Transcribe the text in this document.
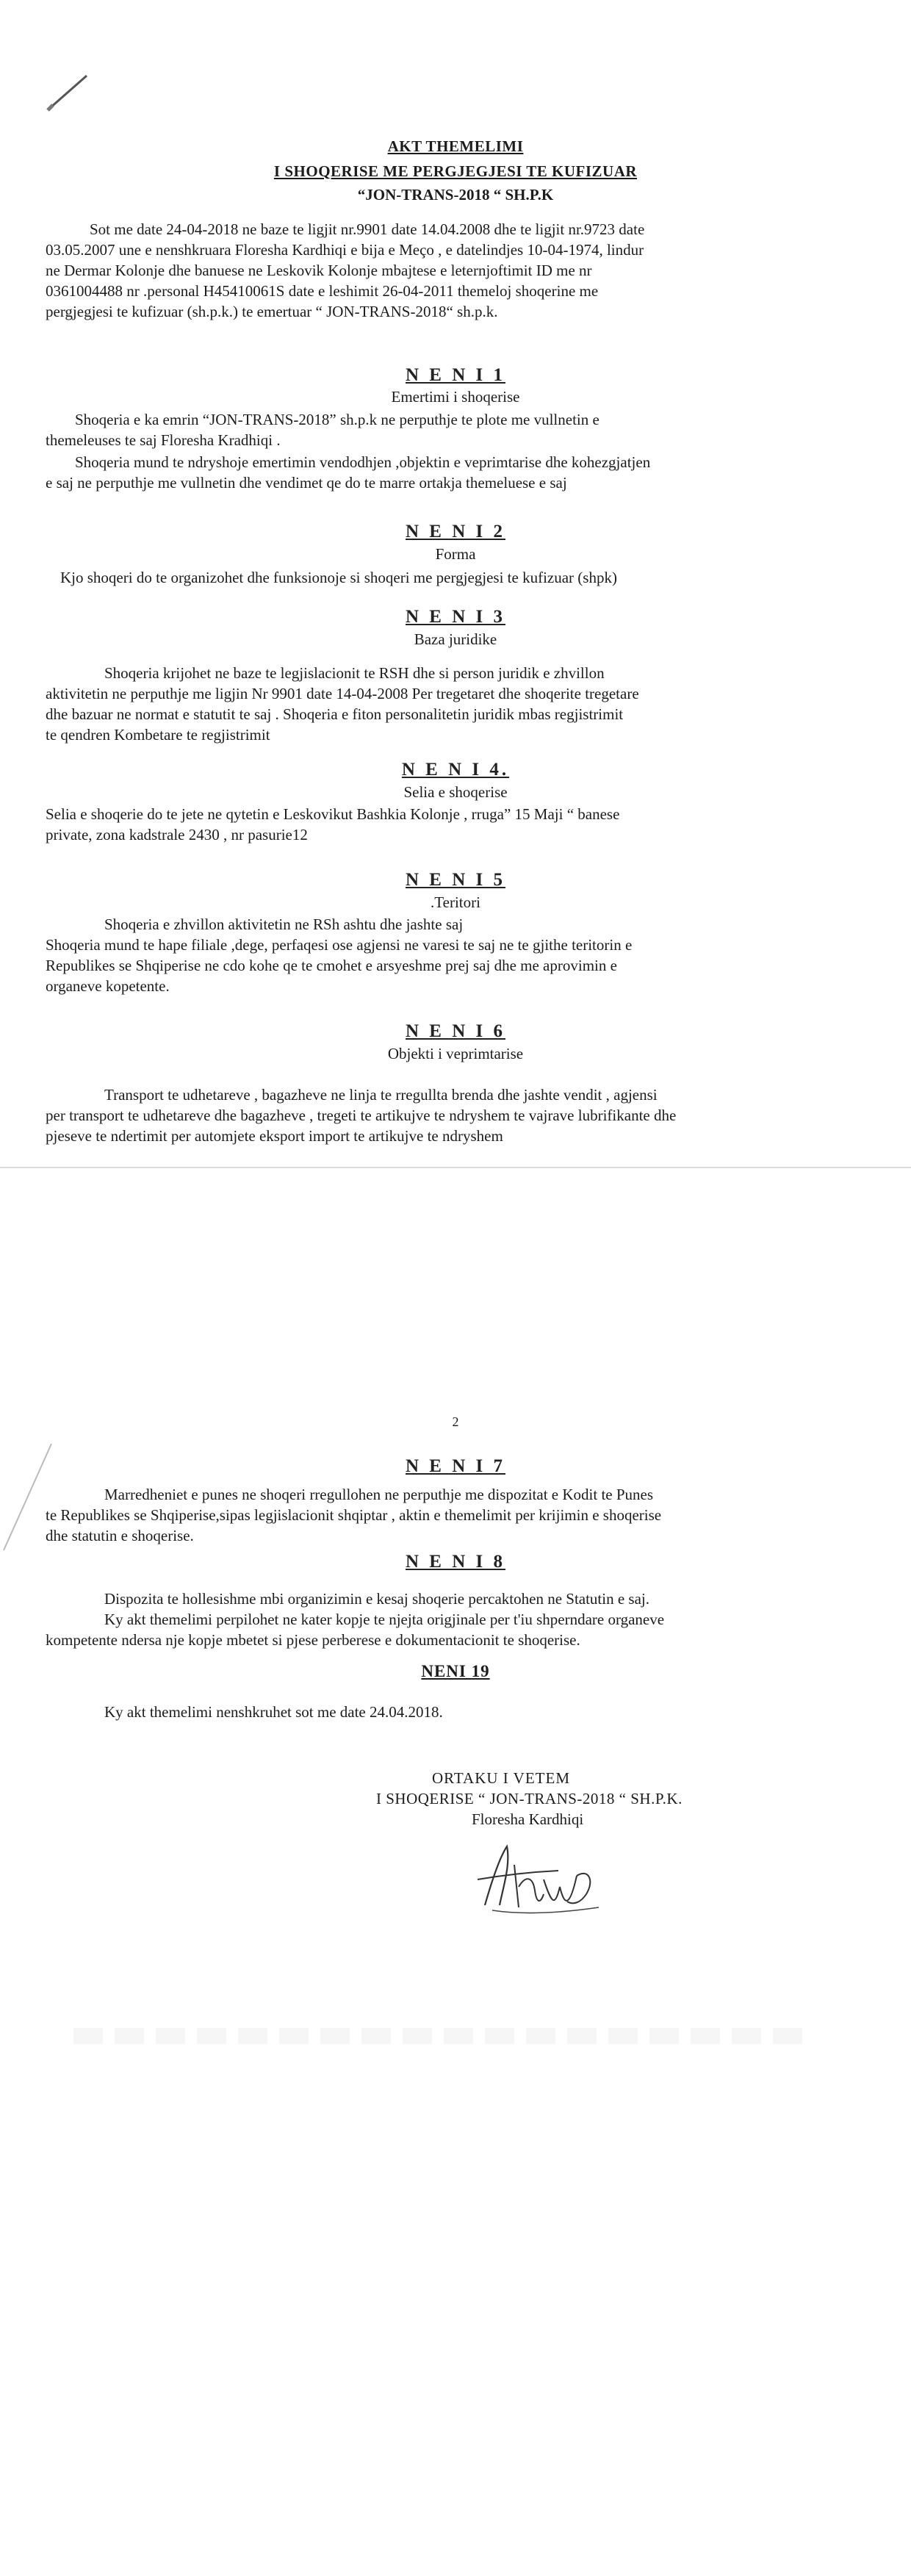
AKT THEMELIMI
I SHOQERISE ME PERGJEGJESI TE KUFIZUAR
“JON-TRANS-2018 “ SH.P.K
Sot me date 24-04-2018 ne baze te ligjit nr.9901 date 14.04.2008 dhe te ligjit nr.9723 date
03.05.2007 une e nenshkruara Floresha Kardhiqi e bija e Meço , e datelindjes 10-04-1974, lindur
ne Dermar Kolonje dhe banuese ne Leskovik Kolonje mbajtese e leternjoftimit ID me nr
0361004488 nr .personal H45410061S date e leshimit 26-04-2011 themeloj shoqerine me
pergjegjesi te kufizuar (sh.p.k.) te emertuar “ JON-TRANS-2018“ sh.p.k.
N E N I 1
Emertimi i shoqerise
Shoqeria e ka emrin “JON-TRANS-2018” sh.p.k ne perputhje te plote me vullnetin e
themeleuses te saj Floresha Kradhiqi .
Shoqeria mund te ndryshoje emertimin vendodhjen ,objektin e veprimtarise dhe kohezgjatjen
e saj ne perputhje me vullnetin dhe vendimet qe do te marre ortakja themeluese e saj
N E N I 2
Forma
Kjo shoqeri do te organizohet dhe funksionoje si shoqeri me pergjegjesi te kufizuar (shpk)
N E N I 3
Baza juridike
Shoqeria krijohet ne baze te legjislacionit te RSH dhe si person juridik e zhvillon
aktivitetin ne perputhje me ligjin Nr 9901 date 14-04-2008 Per tregetaret dhe shoqerite tregetare
dhe bazuar ne normat e statutit te saj . Shoqeria e fiton personalitetin juridik mbas regjistrimit
te qendren Kombetare te regjistrimit
N E N I 4.
Selia e shoqerise
Selia e shoqerie do te jete ne qytetin e Leskovikut Bashkia Kolonje , rruga” 15 Maji “ banese
private, zona kadstrale 2430 , nr pasurie12
N E N I 5
.Teritori
Shoqeria e zhvillon aktivitetin ne RSh ashtu dhe jashte saj
Shoqeria mund te hape filiale ,dege, perfaqesi ose agjensi ne varesi te saj ne te gjithe teritorin e
Republikes se Shqiperise ne cdo kohe qe te cmohet e arsyeshme prej saj dhe me aprovimin e
organeve kopetente.
N E N I 6
Objekti i veprimtarise
Transport te udhetareve , bagazheve ne linja te rregullta brenda dhe jashte vendit , agjensi
per transport te udhetareve dhe bagazheve , tregeti te artikujve te ndryshem te vajrave lubrifikante dhe
pjeseve te ndertimit per automjete eksport import te artikujve te ndryshem
2
N E N I 7
Marredheniet e punes ne shoqeri rregullohen ne perputhje me dispozitat e Kodit te Punes
te Republikes se Shqiperise,sipas legjislacionit shqiptar , aktin e themelimit per krijimin e shoqerise
dhe statutin e shoqerise.
N E N I 8
Dispozita te hollesishme mbi organizimin e kesaj shoqerie percaktohen ne Statutin e saj.
Ky akt themelimi perpilohet ne kater kopje te njejta origjinale per t'iu shperndare organeve
kompetente ndersa nje kopje mbetet si pjese perberese e dokumentacionit te shoqerise.
NENI 19
Ky akt themelimi nenshkruhet sot me date 24.04.2018.
ORTAKU I VETEM
I SHOQERISE “ JON-TRANS-2018 “ SH.P.K.
Floresha Kardhiqi
